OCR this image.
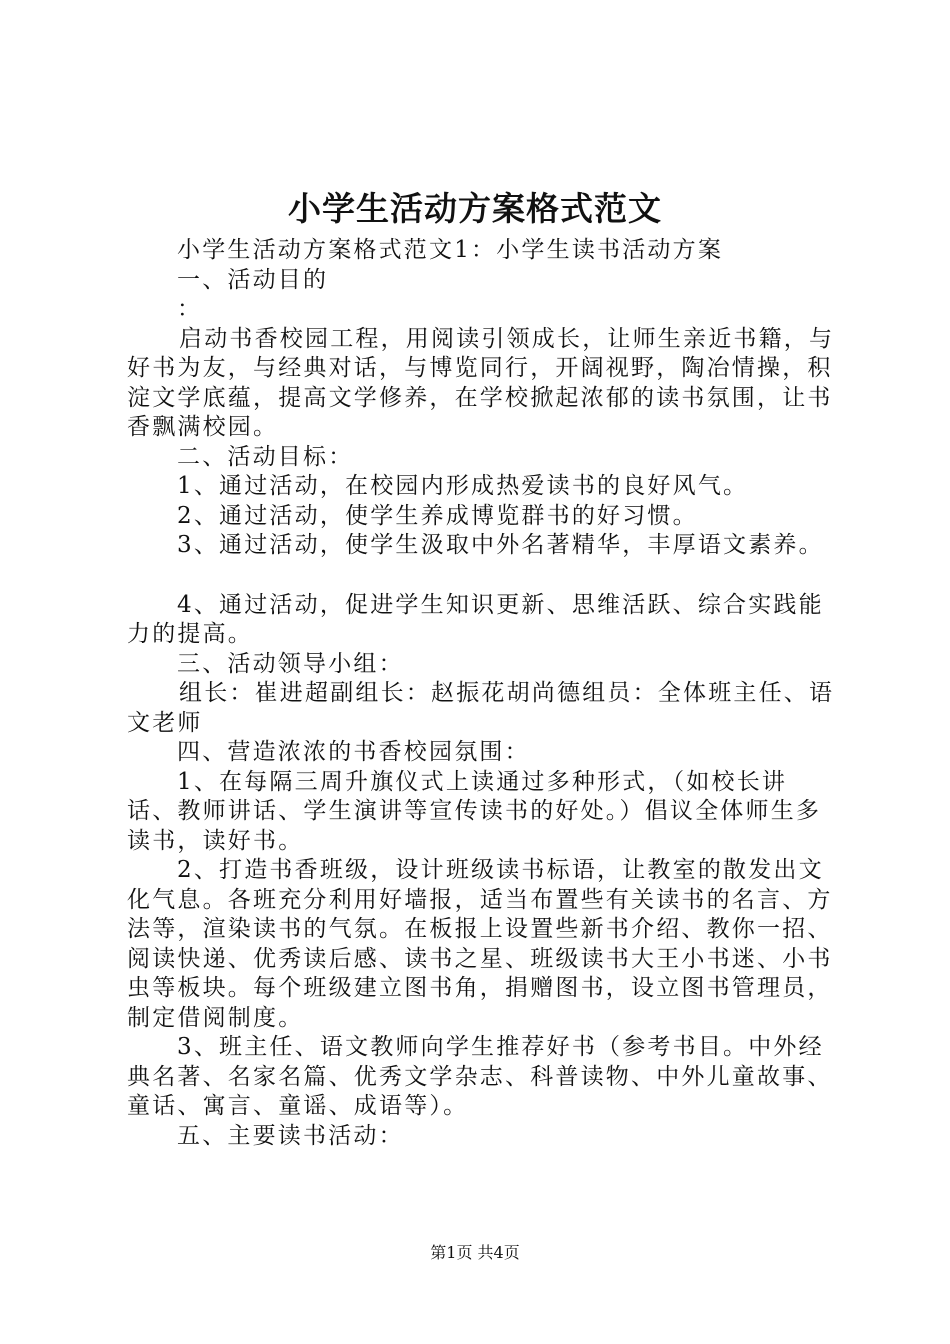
小学生活动方案格式范文

小学生活动方案格式范文1：小学生读书活动方案

一、活动目的

：

启动书香校园工程，用阅读引领成长，让师生亲近书籍，与好书为友，与经典对话，与博览同行，开阔视野，陶冶情操，积淀文学底蕴，提高文学修养，在学校掀起浓郁的读书氛围，让书香飘满校园。

二、活动目标：

1、通过活动，在校园内形成热爱读书的良好风气。

2、通过活动，使学生养成博览群书的好习惯。

3、通过活动，使学生汲取中外名著精华，丰厚语文素养。

4、通过活动，促进学生知识更新、思维活跃、综合实践能力的提高。

三、活动领导小组：

组长：崔进超副组长：赵振花胡尚德组员：全体班主任、语文老师

四、营造浓浓的书香校园氛围：

1、在每隔三周升旗仪式上读通过多种形式，（如校长讲话、教师讲话、学生演讲等宣传读书的好处。）倡议全体师生多读书，读好书。

2、打造书香班级，设计班级读书标语，让教室的散发出文化气息。各班充分利用好墙报，适当布置些有关读书的名言、方法等，渲染读书的气氛。在板报上设置些新书介绍、教你一招、阅读快递、优秀读后感、读书之星、班级读书大王小书迷、小书虫等板块。每个班级建立图书角，捐赠图书，设立图书管理员，制定借阅制度。

3、班主任、语文教师向学生推荐好书（参考书目。中外经典名著、名家名篇、优秀文学杂志、科普读物、中外儿童故事、童话、寓言、童谣、成语等）。

五、主要读书活动：

第1页 共4页
